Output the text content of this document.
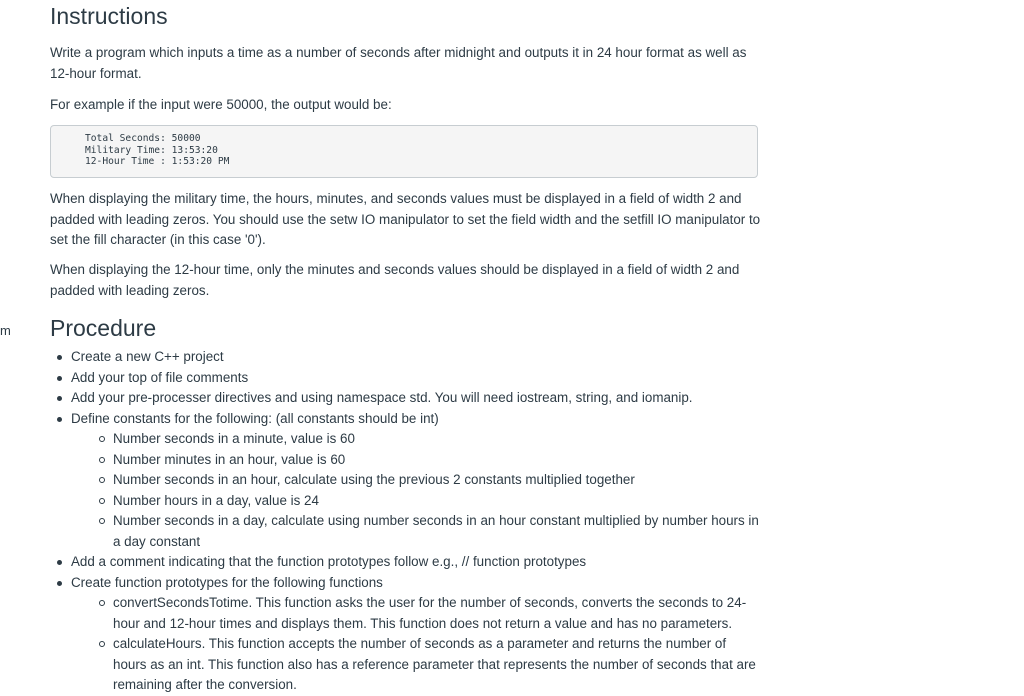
m
Instructions

Write a program which inputs a time as a number of seconds after midnight and outputs it in 24 hour format as well as 12-hour format.

For example if the input were 50000, the output would be:

Total Seconds: 50000
Military Time: 13:53:20
12-Hour Time : 1:53:20 PM

When displaying the military time, the hours, minutes, and seconds values must be displayed in a field of width 2 and padded with leading zeros. You should use the setw IO manipulator to set the field width and the setfill IO manipulator to set the fill character (in this case '0').

When displaying the 12-hour time, only the minutes and seconds values should be displayed in a field of width 2 and padded with leading zeros.

Procedure
Create a new C++ project
Add your top of file comments
Add your pre-processer directives and using namespace std. You will need iostream, string, and iomanip.
Define constants for the following: (all constants should be int)
Number seconds in a minute, value is 60
Number minutes in an hour, value is 60
Number seconds in an hour, calculate using the previous 2 constants multiplied together
Number hours in a day, value is 24
Number seconds in a day, calculate using number seconds in an hour constant multiplied by number hours in a day constant
Add a comment indicating that the function prototypes follow e.g., // function prototypes
Create function prototypes for the following functions
convertSecondsTotime. This function asks the user for the number of seconds, converts the seconds to 24-hour and 12-hour times and displays them. This function does not return a value and has no parameters.
calculateHours. This function accepts the number of seconds as a parameter and returns the number of hours as an int. This function also has a reference parameter that represents the number of seconds that are remaining after the conversion.
